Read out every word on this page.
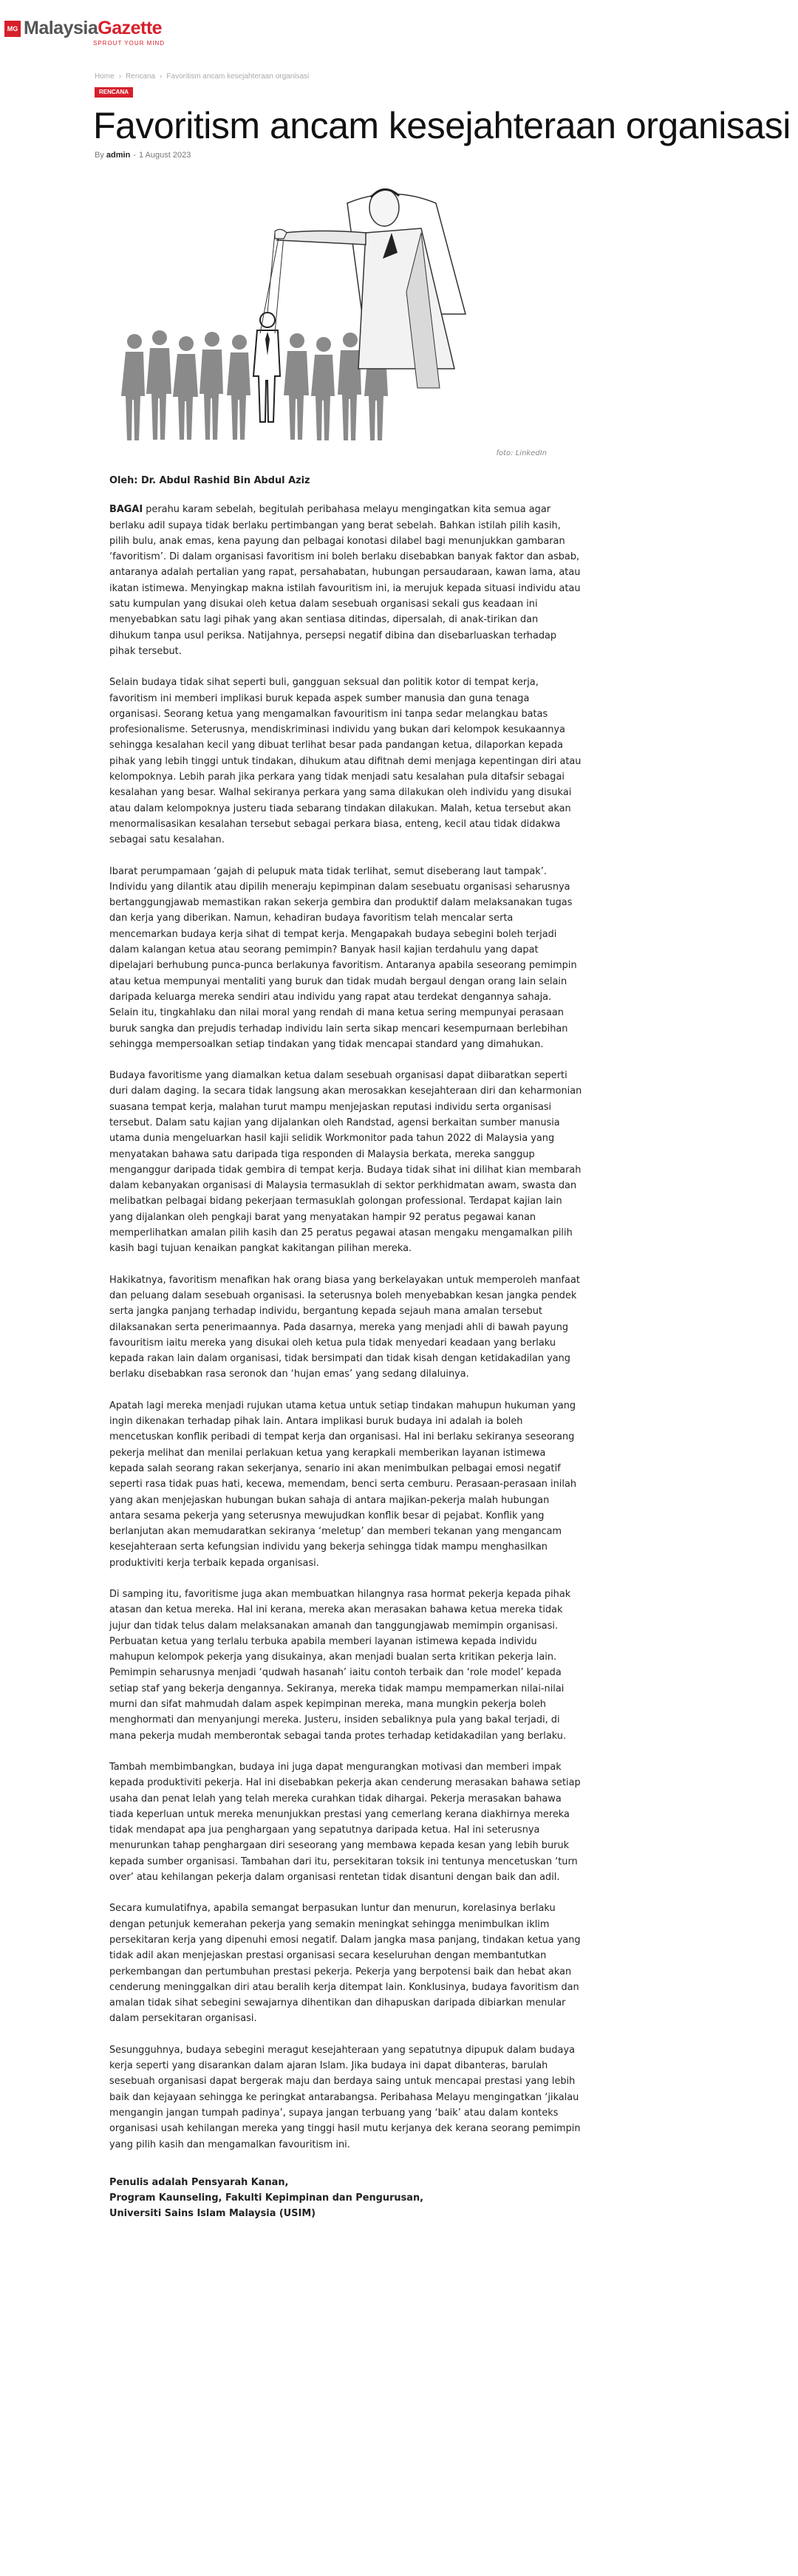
MG MalaysiaGazette
SPROUT YOUR MIND
Home › Rencana › Favoritism ancam kesejahteraan organisasi
RENCANA
Favoritism ancam kesejahteraan organisasi
By admin - 1 August 2023
foto: LinkedIn
Oleh: Dr. Abdul Rashid Bin Abdul Aziz

BAGAI perahu karam sebelah, begitulah peribahasa melayu mengingatkan kita semua agar berlaku adil supaya tidak berlaku pertimbangan yang berat sebelah. Bahkan istilah pilih kasih, pilih bulu, anak emas, kena payung dan pelbagai konotasi dilabel bagi menunjukkan gambaran ‘favoritism’. Di dalam organisasi favoritism ini boleh berlaku disebabkan banyak faktor dan asbab, antaranya adalah pertalian yang rapat, persahabatan, hubungan persaudaraan, kawan lama, atau ikatan istimewa. Menyingkap makna istilah favouritism ini, ia merujuk kepada situasi individu atau satu kumpulan yang disukai oleh ketua dalam sesebuah organisasi sekali gus keadaan ini menyebabkan satu lagi pihak yang akan sentiasa ditindas, dipersalah, di anak-tirikan dan dihukum tanpa usul periksa. Natijahnya, persepsi negatif dibina dan disebarluaskan terhadap pihak tersebut.

Selain budaya tidak sihat seperti buli, gangguan seksual dan politik kotor di tempat kerja, favoritism ini memberi implikasi buruk kepada aspek sumber manusia dan guna tenaga organisasi. Seorang ketua yang mengamalkan favouritism ini tanpa sedar melangkau batas profesionalisme. Seterusnya, mendiskriminasi individu yang bukan dari kelompok kesukaannya sehingga kesalahan kecil yang dibuat terlihat besar pada pandangan ketua, dilaporkan kepada pihak yang lebih tinggi untuk tindakan, dihukum atau difitnah demi menjaga kepentingan diri atau kelompoknya. Lebih parah jika perkara yang tidak menjadi satu kesalahan pula ditafsir sebagai kesalahan yang besar. Walhal sekiranya perkara yang sama dilakukan oleh individu yang disukai atau dalam kelompoknya justeru tiada sebarang tindakan dilakukan. Malah, ketua tersebut akan menormalisasikan kesalahan tersebut sebagai perkara biasa, enteng, kecil atau tidak didakwa sebagai satu kesalahan.

Ibarat perumpamaan ‘gajah di pelupuk mata tidak terlihat, semut diseberang laut tampak’. Individu yang dilantik atau dipilih meneraju kepimpinan dalam sesebuatu organisasi seharusnya bertanggungjawab memastikan rakan sekerja gembira dan produktif dalam melaksanakan tugas dan kerja yang diberikan. Namun, kehadiran budaya favoritism telah mencalar serta mencemarkan budaya kerja sihat di tempat kerja. Mengapakah budaya sebegini boleh terjadi dalam kalangan ketua atau seorang pemimpin? Banyak hasil kajian terdahulu yang dapat dipelajari berhubung punca-punca berlakunya favoritism. Antaranya apabila seseorang pemimpin atau ketua mempunyai mentaliti yang buruk dan tidak mudah bergaul dengan orang lain selain daripada keluarga mereka sendiri atau individu yang rapat atau terdekat dengannya sahaja. Selain itu, tingkahlaku dan nilai moral yang rendah di mana ketua sering mempunyai perasaan buruk sangka dan prejudis terhadap individu lain serta sikap mencari kesempurnaan berlebihan sehingga mempersoalkan setiap tindakan yang tidak mencapai standard yang dimahukan.

Budaya favoritisme yang diamalkan ketua dalam sesebuah organisasi dapat diibaratkan seperti duri dalam daging. Ia secara tidak langsung akan merosakkan kesejahteraan diri dan keharmonian suasana tempat kerja, malahan turut mampu menjejaskan reputasi individu serta organisasi tersebut. Dalam satu kajian yang dijalankan oleh Randstad, agensi berkaitan sumber manusia utama dunia mengeluarkan hasil kajii selidik Workmonitor pada tahun 2022 di Malaysia yang menyatakan bahawa satu daripada tiga responden di Malaysia berkata, mereka sanggup menganggur daripada tidak gembira di tempat kerja. Budaya tidak sihat ini dilihat kian membarah dalam kebanyakan organisasi di Malaysia termasuklah di sektor perkhidmatan awam, swasta dan melibatkan pelbagai bidang pekerjaan termasuklah golongan professional. Terdapat kajian lain yang dijalankan oleh pengkaji barat yang menyatakan hampir 92 peratus pegawai kanan memperlihatkan amalan pilih kasih dan 25 peratus pegawai atasan mengaku mengamalkan pilih kasih bagi tujuan kenaikan pangkat kakitangan pilihan mereka.

Hakikatnya, favoritism menafikan hak orang biasa yang berkelayakan untuk memperoleh manfaat dan peluang dalam sesebuah organisasi. Ia seterusnya boleh menyebabkan kesan jangka pendek serta jangka panjang terhadap individu, bergantung kepada sejauh mana amalan tersebut dilaksanakan serta penerimaannya. Pada dasarnya, mereka yang menjadi ahli di bawah payung favouritism iaitu mereka yang disukai oleh ketua pula tidak menyedari keadaan yang berlaku kepada rakan lain dalam organisasi, tidak bersimpati dan tidak kisah dengan ketidakadilan yang berlaku disebabkan rasa seronok dan ‘hujan emas’ yang sedang dilaluinya.

Apatah lagi mereka menjadi rujukan utama ketua untuk setiap tindakan mahupun hukuman yang ingin dikenakan terhadap pihak lain. Antara implikasi buruk budaya ini adalah ia boleh mencetuskan konflik peribadi di tempat kerja dan organisasi. Hal ini berlaku sekiranya seseorang pekerja melihat dan menilai perlakuan ketua yang kerapkali memberikan layanan istimewa kepada salah seorang rakan sekerjanya, senario ini akan menimbulkan pelbagai emosi negatif seperti rasa tidak puas hati, kecewa, memendam, benci serta cemburu. Perasaan-perasaan inilah yang akan menjejaskan hubungan bukan sahaja di antara majikan-pekerja malah hubungan antara sesama pekerja yang seterusnya mewujudkan konflik besar di pejabat. Konflik yang berlanjutan akan memudaratkan sekiranya ‘meletup’ dan memberi tekanan yang mengancam kesejahteraan serta kefungsian individu yang bekerja sehingga tidak mampu menghasilkan produktiviti kerja terbaik kepada organisasi.

Di samping itu, favoritisme juga akan membuatkan hilangnya rasa hormat pekerja kepada pihak atasan dan ketua mereka. Hal ini kerana, mereka akan merasakan bahawa ketua mereka tidak jujur dan tidak telus dalam melaksanakan amanah dan tanggungjawab memimpin organisasi. Perbuatan ketua yang terlalu terbuka apabila memberi layanan istimewa kepada individu mahupun kelompok pekerja yang disukainya, akan menjadi bualan serta kritikan pekerja lain. Pemimpin seharusnya menjadi ‘qudwah hasanah’ iaitu contoh terbaik dan ‘role model’ kepada setiap staf yang bekerja dengannya. Sekiranya, mereka tidak mampu mempamerkan nilai-nilai murni dan sifat mahmudah dalam aspek kepimpinan mereka, mana mungkin pekerja boleh menghormati dan menyanjungi mereka. Justeru, insiden sebaliknya pula yang bakal terjadi, di mana pekerja mudah memberontak sebagai tanda protes terhadap ketidakadilan yang berlaku.

Tambah membimbangkan, budaya ini juga dapat mengurangkan motivasi dan memberi impak kepada produktiviti pekerja. Hal ini disebabkan pekerja akan cenderung merasakan bahawa setiap usaha dan penat lelah yang telah mereka curahkan tidak dihargai. Pekerja merasakan bahawa tiada keperluan untuk mereka menunjukkan prestasi yang cemerlang kerana diakhirnya mereka tidak mendapat apa jua penghargaan yang sepatutnya daripada ketua. Hal ini seterusnya menurunkan tahap penghargaan diri seseorang yang membawa kepada kesan yang lebih buruk kepada sumber organisasi. Tambahan dari itu, persekitaran toksik ini tentunya mencetuskan ‘turn over’ atau kehilangan pekerja dalam organisasi rentetan tidak disantuni dengan baik dan adil.

Secara kumulatifnya, apabila semangat berpasukan luntur dan menurun, korelasinya berlaku dengan petunjuk kemerahan pekerja yang semakin meningkat sehingga menimbulkan iklim persekitaran kerja yang dipenuhi emosi negatif. Dalam jangka masa panjang, tindakan ketua yang tidak adil akan menjejaskan prestasi organisasi secara keseluruhan dengan membantutkan perkembangan dan pertumbuhan prestasi pekerja. Pekerja yang berpotensi baik dan hebat akan cenderung meninggalkan diri atau beralih kerja ditempat lain. Konklusinya, budaya favoritism dan amalan tidak sihat sebegini sewajarnya dihentikan dan dihapuskan daripada dibiarkan menular dalam persekitaran organisasi.

Sesungguhnya, budaya sebegini meragut kesejahteraan yang sepatutnya dipupuk dalam budaya kerja seperti yang disarankan dalam ajaran Islam. Jika budaya ini dapat dibanteras, barulah sesebuah organisasi dapat bergerak maju dan berdaya saing untuk mencapai prestasi yang lebih baik dan kejayaan sehingga ke peringkat antarabangsa. Peribahasa Melayu mengingatkan ‘jikalau mengangin jangan tumpah padinya’, supaya jangan terbuang yang ‘baik’ atau dalam konteks organisasi usah kehilangan mereka yang tinggi hasil mutu kerjanya dek kerana seorang pemimpin yang pilih kasih dan mengamalkan favouritism ini.

Penulis adalah Pensyarah Kanan,
Program Kaunseling, Fakulti Kepimpinan dan Pengurusan,
Universiti Sains Islam Malaysia (USIM)
